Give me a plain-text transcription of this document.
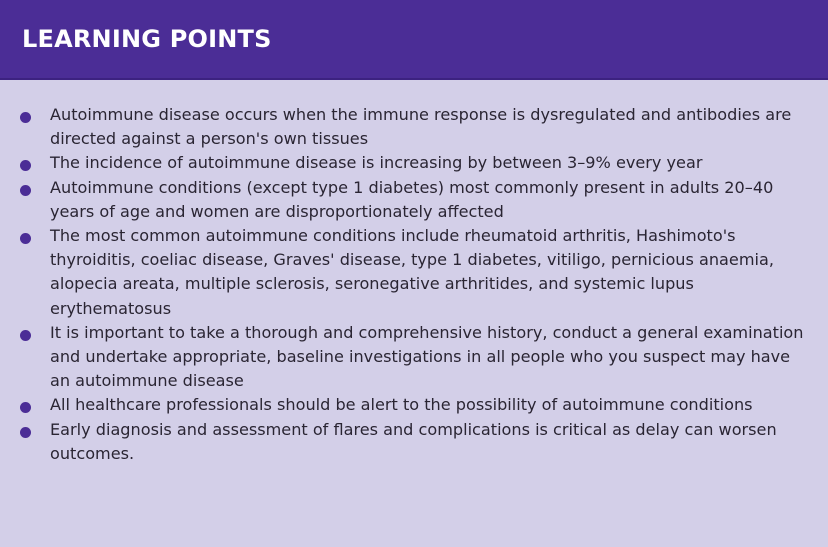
LEARNING POINTS
Autoimmune disease occurs when the immune response is dysregulated and antibodies are directed against a person's own tissues
The incidence of autoimmune disease is increasing by between 3–9% every year
Autoimmune conditions (except type 1 diabetes) most commonly present in adults 20–40 years of age and women are disproportionately affected
The most common autoimmune conditions include rheumatoid arthritis, Hashimoto's thyroiditis, coeliac disease, Graves' disease, type 1 diabetes, vitiligo, pernicious anaemia, alopecia areata, multiple sclerosis, seronegative arthritides, and systemic lupus erythematosus
It is important to take a thorough and comprehensive history, conduct a general examination and undertake appropriate, baseline investigations in all people who you suspect may have an autoimmune disease
All healthcare professionals should be alert to the possibility of autoimmune conditions
Early diagnosis and assessment of flares and complications is critical as delay can worsen outcomes.
